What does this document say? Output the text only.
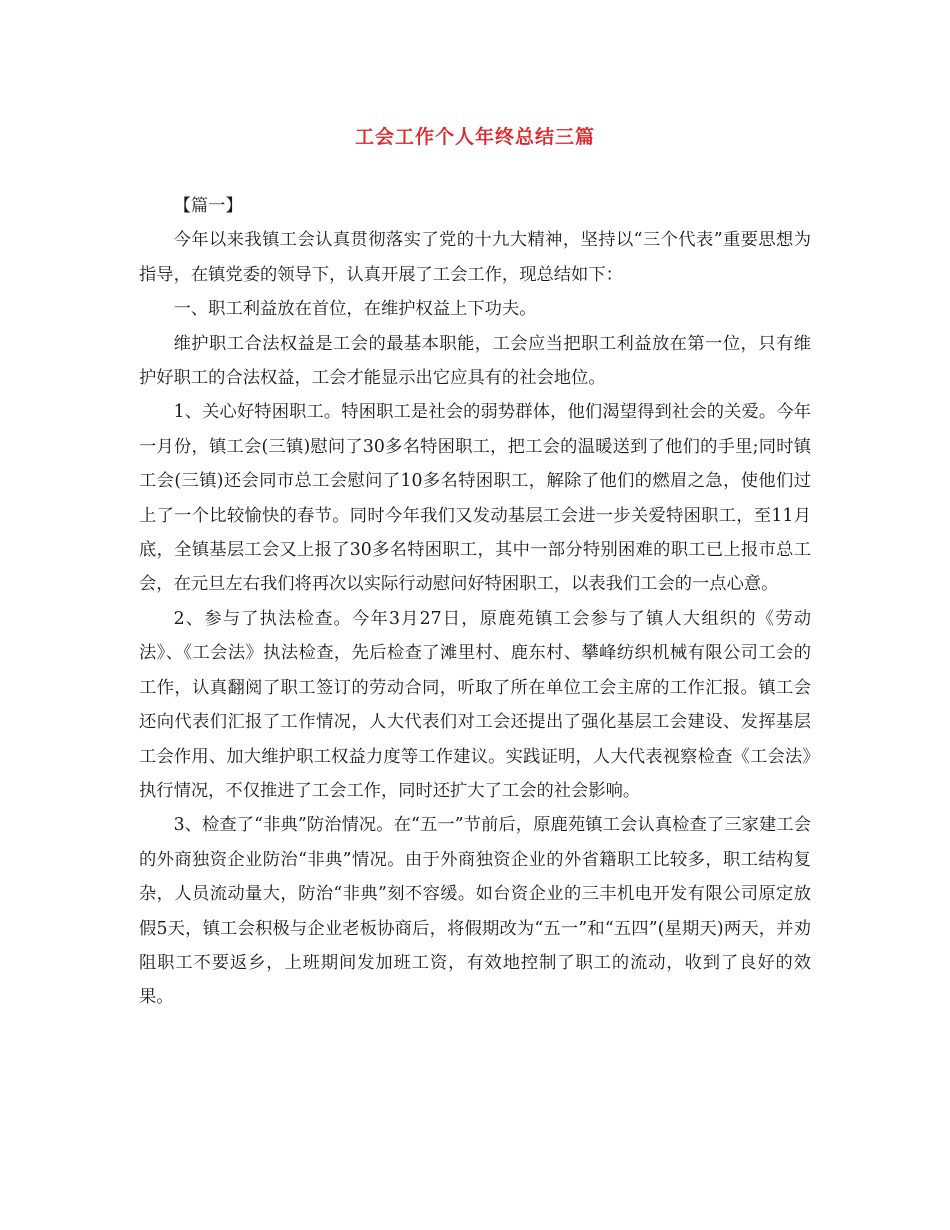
工会工作个人年终总结三篇

【篇一】

今年以来我镇工会认真贯彻落实了党的十九大精神，坚持以“三个代表”重要思想为指导，在镇党委的领导下，认真开展了工会工作，现总结如下：

一、职工利益放在首位，在维护权益上下功夫。

维护职工合法权益是工会的最基本职能，工会应当把职工利益放在第一位，只有维护好职工的合法权益，工会才能显示出它应具有的社会地位。

1、关心好特困职工。特困职工是社会的弱势群体，他们渴望得到社会的关爱。今年一月份，镇工会(三镇)慰问了30多名特困职工，把工会的温暖送到了他们的手里;同时镇工会(三镇)还会同市总工会慰问了10多名特困职工，解除了他们的燃眉之急，使他们过上了一个比较愉快的春节。同时今年我们又发动基层工会进一步关爱特困职工，至11月底，全镇基层工会又上报了30多名特困职工，其中一部分特别困难的职工已上报市总工会，在元旦左右我们将再次以实际行动慰问好特困职工，以表我们工会的一点心意。

2、参与了执法检查。今年3月27日，原鹿苑镇工会参与了镇人大组织的《劳动法》、《工会法》执法检查，先后检查了滩里村、鹿东村、攀峰纺织机械有限公司工会的工作，认真翻阅了职工签订的劳动合同，听取了所在单位工会主席的工作汇报。镇工会还向代表们汇报了工作情况，人大代表们对工会还提出了强化基层工会建设、发挥基层工会作用、加大维护职工权益力度等工作建议。实践证明，人大代表视察检查《工会法》执行情况，不仅推进了工会工作，同时还扩大了工会的社会影响。

3、检查了“非典”防治情况。在“五一”节前后，原鹿苑镇工会认真检查了三家建工会的外商独资企业防治“非典”情况。由于外商独资企业的外省籍职工比较多，职工结构复杂，人员流动量大，防治“非典”刻不容缓。如台资企业的三丰机电开发有限公司原定放假5天，镇工会积极与企业老板协商后，将假期改为“五一”和“五四”(星期天)两天，并劝阻职工不要返乡，上班期间发加班工资，有效地控制了职工的流动，收到了良好的效果。
